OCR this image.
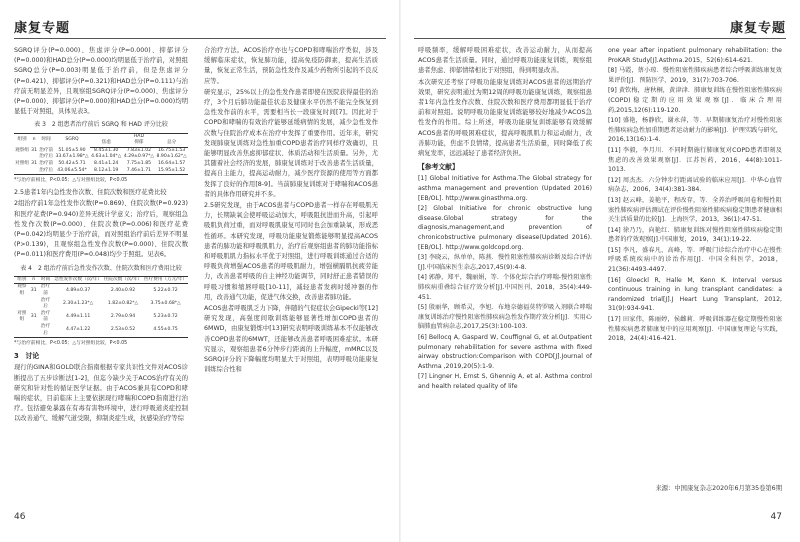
康复专题

SGRQ评分(P=0.000)、焦虑评分(P=0.000)、抑郁评分(P=0.000)和HAD总分(P=0.000)均明显低于治疗前，对照组SGRQ总分(P=0.003)明显低于治疗前，但是焦虑评分(P=0.421)、抑郁评分(P=0.321)和HAD总分(P=0.111)与治疗前无明显差异，且观察组SGRQ评分(P=0.000)、焦虑评分(P=0.000)、抑郁评分(P=0.000)和HAD总分(P=0.000)均明显低于对照组，具体见表3。

表 3　2 组患者治疗前后 SGRQ 和 HAD 评分比较
组别	n	时间	SGRQ	HAD		
				焦虑	抑郁	总分
观察组	31	治疗前	51.05±5.90	8.45±1.30	7.83±1.02	16.75±1.53
		治疗后	33.67±1.98*△	4.63±1.04*△	4.29±0.97*△	8.90±1.62*△
对照组	31	治疗前	50.42±5.71	8.41±1.24	7.75±1.85	16.64±1.57
		治疗后	43.06±5.54*	8.12±1.19	7.46±1.71	15.95±1.52
*与治疗前相比，P<0.05；△与对照组比较，P<0.05

2.5患者1年内急性发作次数、住院次数和医疗花费比较

2组治疗前1年急性发作次数(P=0.869)、住院次数(P=0.923)和医疗花费(P=0.940)差异无统计学意义；治疗后，观察组急性发作次数(P=0.000)、住院次数(P=0.006)和医疗花费(P=0.042)均明显少于治疗前，而对照组治疗前后差异不明显(P>0.139)，且观察组急性发作次数(P=0.000)、住院次数(P=0.011)和医疗费用(P=0.048)均少于照组。见表6。

表 4　2 组治疗前后急性发作次数、住院次数和医疗费用比较
组别	n	时间	急性发作次数（次/年）	住院次数（次/年）	医疗费用（万元/年）
观察组	31	治疗前	4.89±0.37	2.40±0.92	5.22±0.72
		治疗后	2.30±1.23*△	1.82±0.82*△	3.75±0.68*△
对照组	31	治疗前	4.49±1.11	2.79±0.94	5.23±0.72
		治疗后	4.47±1.22	2.53±0.52	4.55±0.75
*与治疗前相比，P<0.05；△与对照组比较，P<0.05
3　讨论

现行的GINA和GOLD联合指南根据专家共识性文件对ACOS诊断提出了五步诊断法[1-2]，但迄今缺少关于ACOS治疗有关的研究和针对性的循证医学证据。由于ACOS兼具有COPD和哮喘的症状，目前临床上主要依据现行哮喘和COPD指南进行治疗。包括避免暴露在有毒有害物环境中，进行呼吸道炎症控制以改善通气、缓解气道受限，抑制炎症生成，抗感染治疗等综

合治疗方法。ACOS治疗亦也与COPD和哮喘治疗类似，涉及缓解临床症状，恢复肺功能，提高免疫防御素，提高生活质量，恢复正常生活，预防急性发作及减少药物所引起的不良反应等。

研究显示，25%以上的急性发作患者即使在医院获得最佳的治疗，3个月后肺功能最佳状态及健康水平仍然不能完全恢复到急性发作前的水平，需要相当长一段康复时间[7]。因此对于COPD和哮喘的有效治疗能够延缓病情的发展，减少急性发作次数与住院治疗成本在治疗中发挥了重要作用。近年来，研究发现肺康复训练对急性加重COPD患者治疗同样疗效确切，且能够明显改善焦虑抑郁症状、体质活动和生活质量。另外，尤其随着社会经济的发展，肺康复训练对于改善患者生活质量，提高自主能力，提高运动耐力，减少医疗资源的使用等方面都发挥了良好的作用[8-9]。当前肺康复训练对于哮喘和ACOS患者的具体作用研究并不多。

2.5研究发现，由于ACOS患者与COPD患者一样存在呼吸肌无力，长期缺氧会使呼吸运动加大，呼吸阻抗进而升高，引起呼吸肌负荷过重，而对呼吸肌康复可同时也会加重缺氧，形成恶性循环。本研究发现，呼吸功能康复锻炼能够明显提高ACOS患者的肺功能和呼吸肌肌力，治疗后观察组患者的肺功能指标和呼吸肌肌力指标水平优于对照组，进行呼吸训练通过合适的呼吸负荷增强ACOS患者的呼吸肌耐力，增强横膈肌抗疲劳能力，改善患者呼吸的自主神经功能调节，同时舒正患者错误的呼吸习惯和缩唇呼吸[10-11]，减轻患者发病时缓冲器的作用，改善通气功能，促进气体交换，改善患者肺功能。

ACOS患者呼吸肌乏力下降，伴随的气促症状会Gipecki等[12]研究发现，高强度间歇训练能够显著性增加COPD患者的6MWD，由康复锻炼中[13]研究表明呼吸训练基本不仅能够改善COPD患者的6MWT，还能够改善患者呼吸困难症状。本研究显示，观察组患者6分钟步行距离的上升幅度，mMRC以及SGRQ评分的下降幅度均明显大于对照组，表明呼吸功能康复训练综合性和

46
康复专题

呼吸频率，缓解呼吸困难症状，改善运动耐力，从而提高ACOS患者生活质量。同时，通过呼吸功能康复训练，观察组患者焦虑、抑郁情绪相比于对照组，得到明显改善。

本次研究还考察了呼吸功能康复训练对ACOS患者的远期治疗效果，研究表明通过为期12周的呼吸功能康复训练，观察组患者1年内急性发作次数、住院次数和医疗费用都明显低于治疗前和对照组。说明呼吸功能康复训练能够较好地减少ACOS急性发作的作用。综上所述，呼吸功能康复训练能够有效缓解ACOS患者的呼吸困难症状，提高呼吸肌肌力和运动耐力，改善肺功能，焦虑不良情绪，提高患者生活质量，同时降低了疾病复发率，远远减轻了患者经济负担。

【参考文献】

[1] Global Initiative for Asthma.The Global strategy for asthma management and prevention (Updated 2016) [EB/OL]. http://www.ginasthma.org.

[2] Global Initiative for chronic obstructive lung disease.Global strategy for the diagnosis,management,and prevention of chronicobstructive pulmonary disease(Updated 2016).[EB/OL]. http://www.goldcopd.org.

[3] 李晓云，纵单单，陈燕．慢性阻塞性肺疾病诊断及综合评估[J].中国临床医生杂志,2017,45(9):4-8.

[4] 郭静，郑平，魏丽娟，等．个体化综合治疗哮喘-慢性阻塞性肺疾病重叠综合征疗效分析[J].中国医刊，2018，35(4):449-451.

[5] 殷丽华，顾希灵，李旭．布地奈德福莫特罗吸入剂联合哮喘康复训练治疗慢性阻塞性肺疾病急性发作期疗效分析[J]．实用心脑肺血管病杂志,2017,25(3):100-103.

[6] Bellocq A, Gaspard W, Couffignal G, et al.Outpatient pulmonary rehabilitation for severe asthma with fixed airway obstruction:Comparison with COPD[J].Journal of Asthma ,2019,20(5):1-9.

[7] Lingner H, Ernst S, Ghennig A, et al. Asthma control and health related quality of life

one year after inpatient pulmonary rehabilitation: the ProKAR Study[J].Asthma.2015，52(6):614-621.

[8] 马霞，蔡小琼．慢性阻塞性肺疾病患者综合呼吸训练康复效果评价[J]．预防医学，2019，31(7):703-706.

[9] 黄钦梅，唐秋桐，黄津津．肺康复训练在慢性阻塞性肺疾病(COPD)稳定期的应用效果观察[J]．临床合理用药,2015,12(6):119-120.

[10] 盛艳，杨静欣，谢永萍，等．早期肺康复治疗对慢性阻塞性肺疾病急性加重期患者运动耐力的影响[J]．护理实践与研究，2016,13(16):1-4.

[11] 李毅，李月川．不同时期施行肺康复对COPD患者即刻及焦虑的改善效果观察[J]．江苏医药，2016，44(8):1011-1013.

[12] 周杰杰．六分钟步行距离试验的临床应用[J]．中华心血管病杂志，2006，34(4):381-384.

[13] 赵云峰，姜艳平，程改存，等．全养治呼吸问卷和慢性阻塞性肺疾病评估测试在评价慢性阻塞性肺疾病稳定期患者健康相关生活质量的比较[J]．上海医学，2013，36(1):47-51.

[14] 徐乃乃，向艳红．肺康复训练对慢性阻塞性肺疾病稳定期患者的疗效观察[J].中国康复，2019，34(1):19-22.

[15] 李凡，盛春凡，高峰，等．呼吸门诊综合治疗中心在慢性呼吸系统疾病中的诊治作用[J]．中国全科医学，2018，21(36):4493-4497.

[16] Gloeckl R, Halle M, Kenn K. Interval versus continuous training in lung transplant candidates: a randomized trial[J].J Heart Lung Transplant, 2012, 31(9):934-941.

[17] 田家伟，陈丽婷，侯雌莉．呼吸训练器在稳定期慢性阻塞性肺疾病患者肺康复中的应用观察[J]．中国康复理论与实践，2018，24(4):416-421.

来源：中国康复杂志2020年6月第35卷第6期
47
